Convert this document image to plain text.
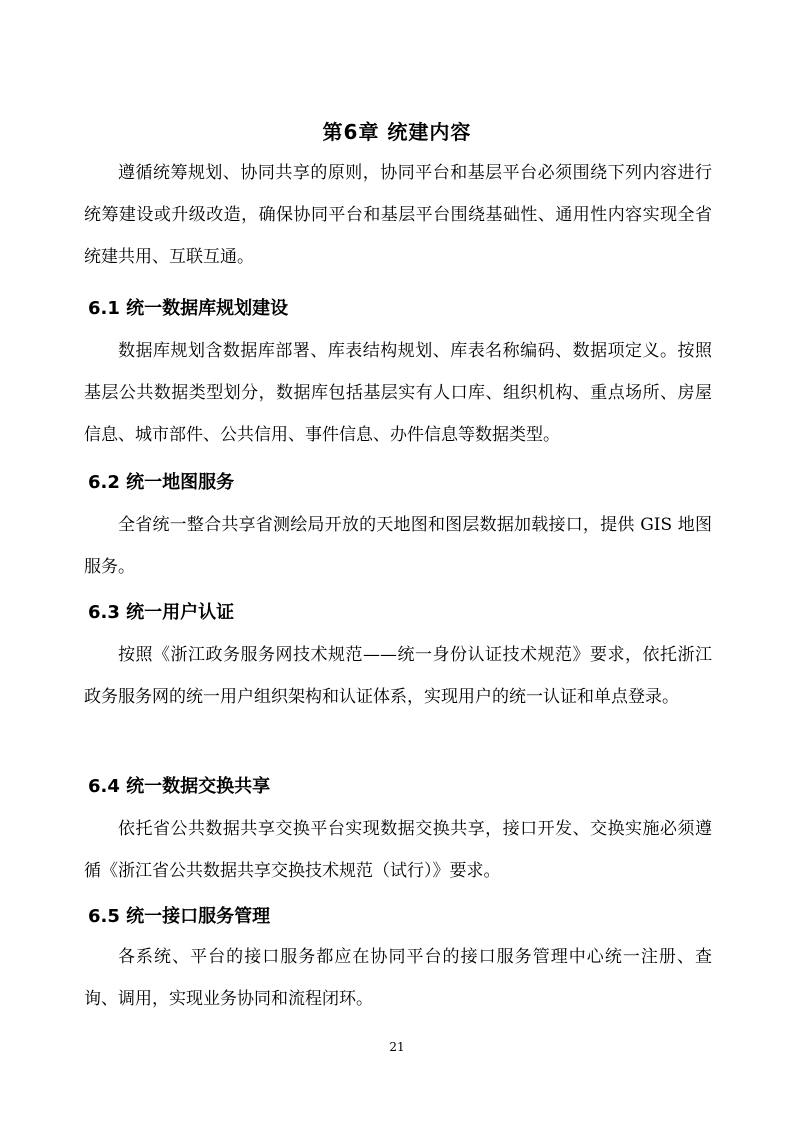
第6章 统建内容
遵循统筹规划、协同共享的原则，协同平台和基层平台必须围绕下列内容进行统筹建设或升级改造，确保协同平台和基层平台围绕基础性、通用性内容实现全省统建共用、互联互通。
6.1 统一数据库规划建设
数据库规划含数据库部署、库表结构规划、库表名称编码、数据项定义。按照基层公共数据类型划分，数据库包括基层实有人口库、组织机构、重点场所、房屋信息、城市部件、公共信用、事件信息、办件信息等数据类型。
6.2 统一地图服务
全省统一整合共享省测绘局开放的天地图和图层数据加载接口，提供 GIS 地图服务。
6.3 统一用户认证
按照《浙江政务服务网技术规范——统一身份认证技术规范》要求，依托浙江政务服务网的统一用户组织架构和认证体系，实现用户的统一认证和单点登录。
6.4 统一数据交换共享
依托省公共数据共享交换平台实现数据交换共享，接口开发、交换实施必须遵循《浙江省公共数据共享交换技术规范（试行）》要求。
6.5 统一接口服务管理
各系统、平台的接口服务都应在协同平台的接口服务管理中心统一注册、查询、调用，实现业务协同和流程闭环。
21
